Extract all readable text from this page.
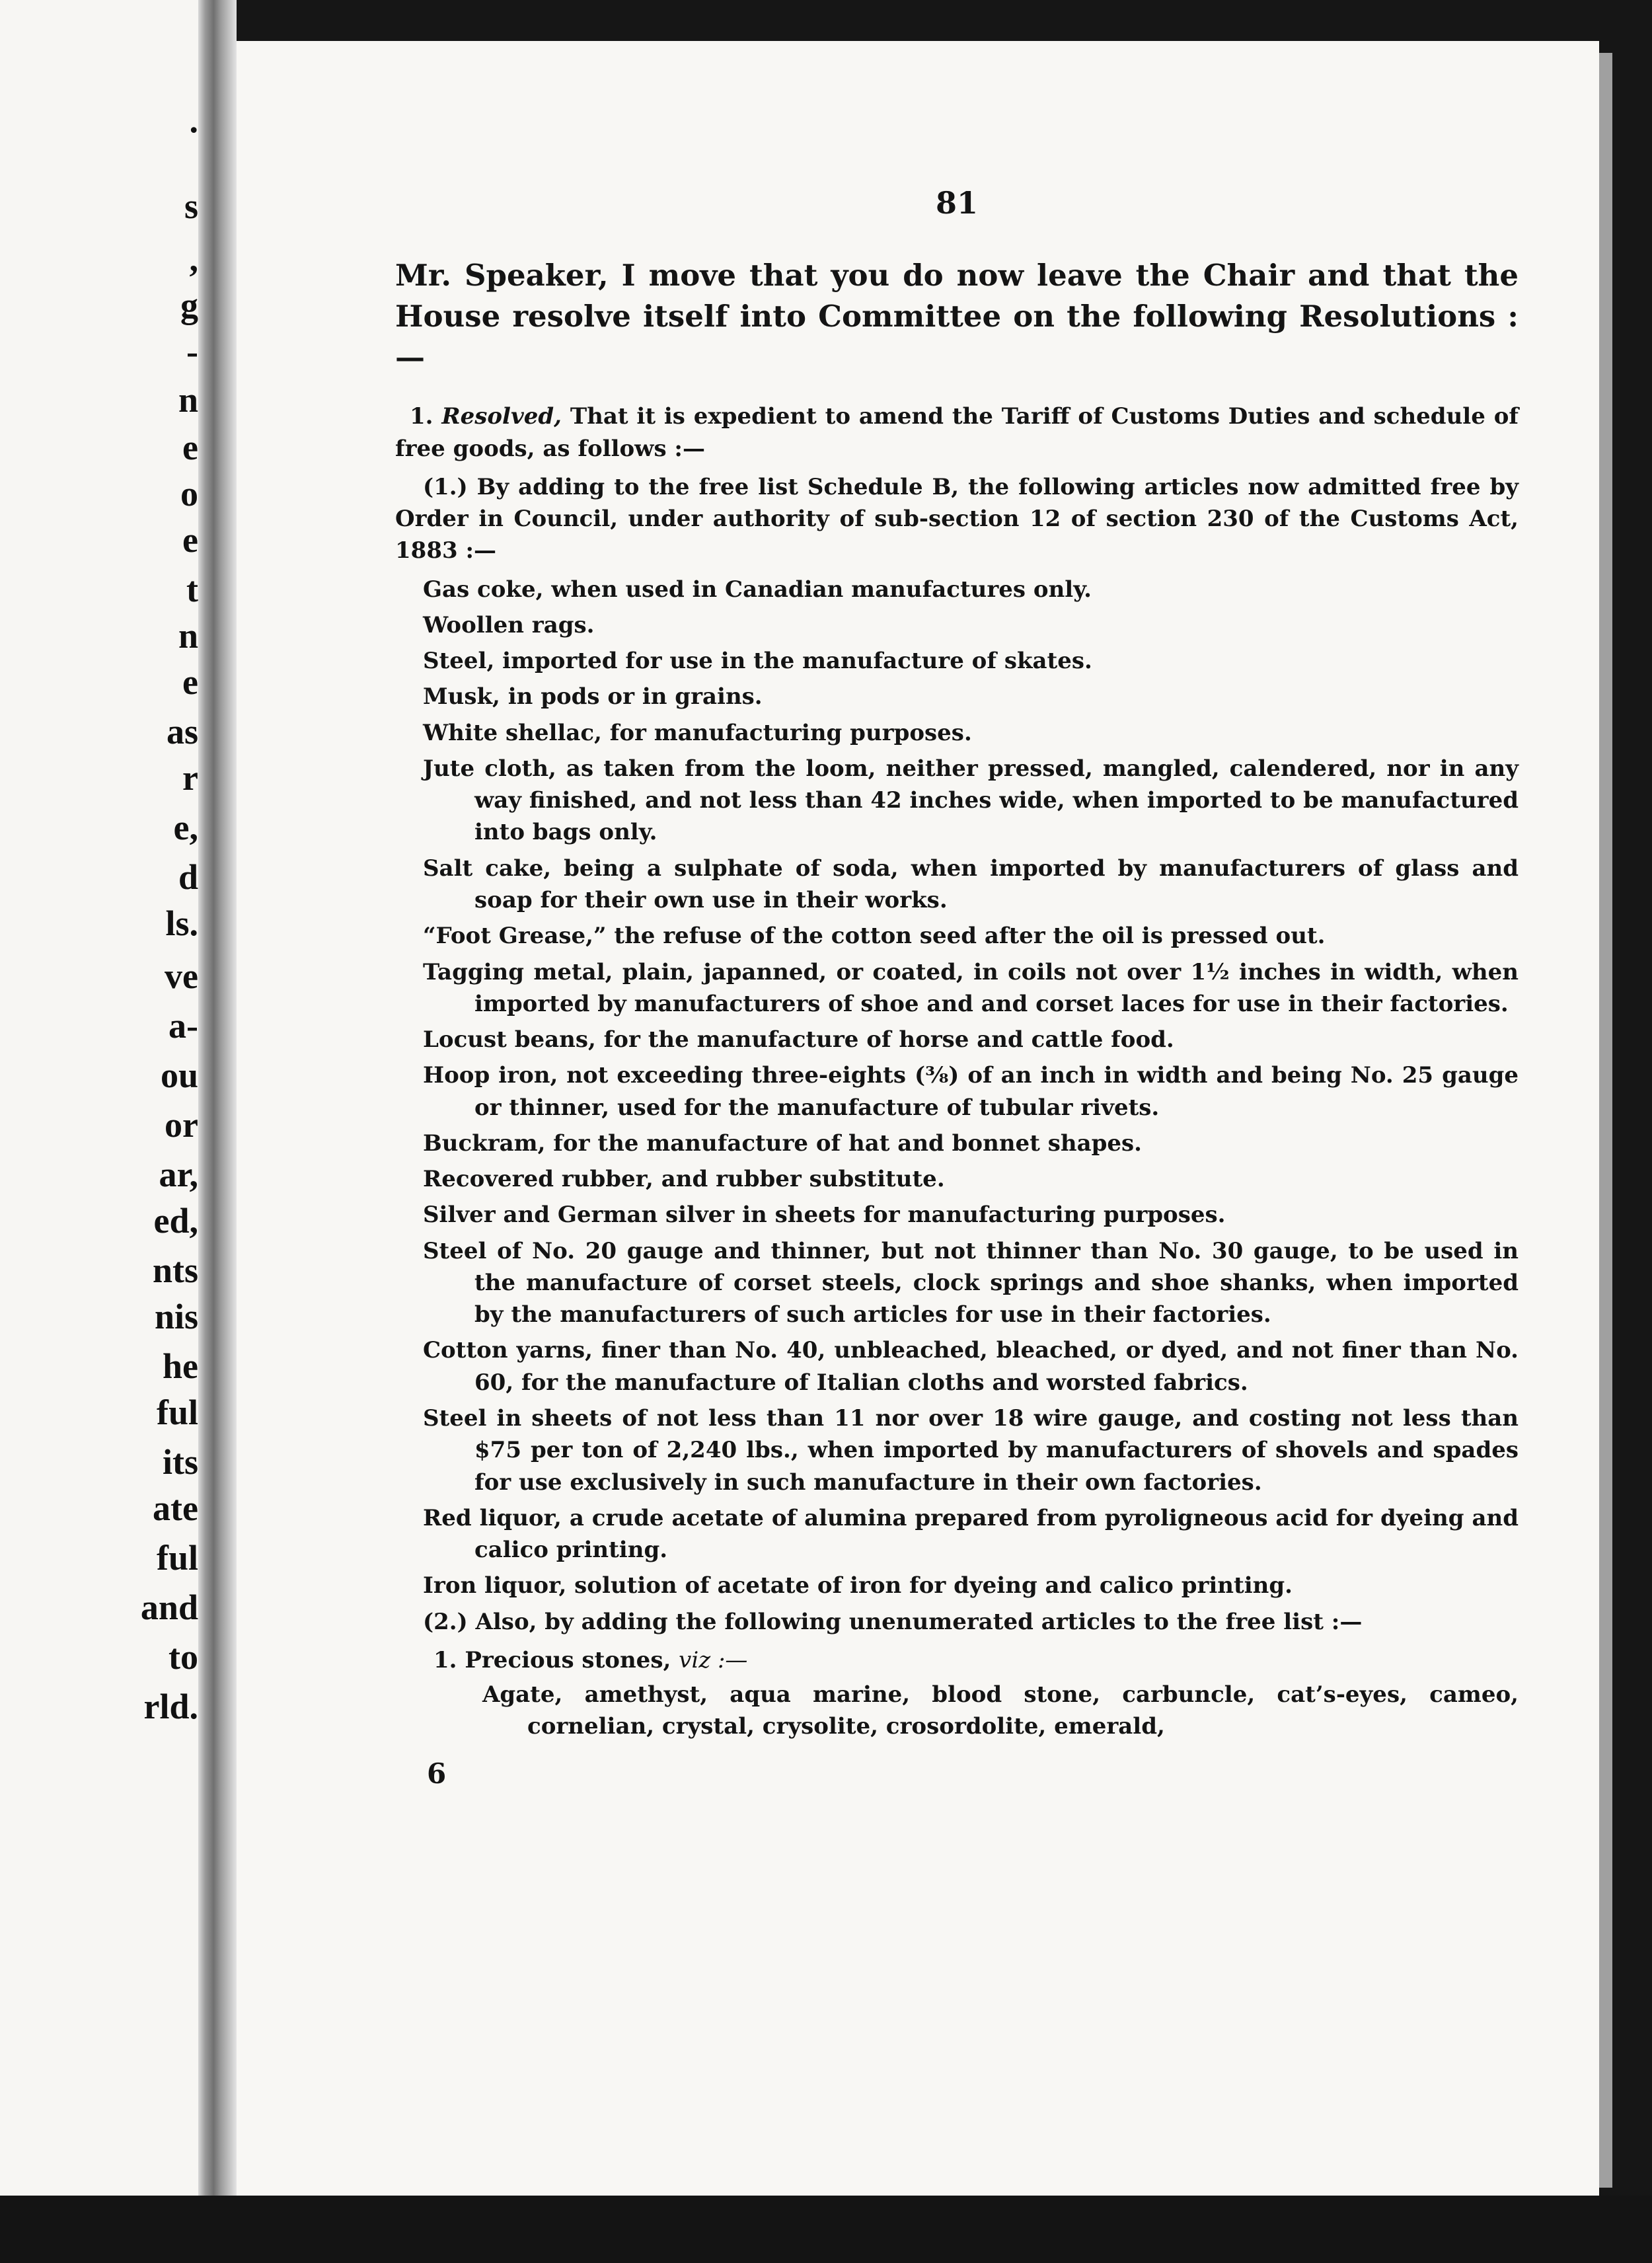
.
s
,
g
-
n
e
o
e
t
n
e
as
r
e,
d
ls.
ve
a-
ou
or
ar,
ed,
nts
nis
he
ful
its
ate
ful
and
to
rld.
81

Mr. Speaker, I move that you do now leave the Chair and that the House resolve itself into Committee on the following Resolutions :—

1. Resolved, That it is expedient to amend the Tariff of Customs Duties and schedule of free goods, as follows :—

(1.) By adding to the free list Schedule B, the following articles now admitted free by Order in Council, under authority of sub-section 12 of section 230 of the Customs Act, 1883 :—

Gas coke, when used in Canadian manufactures only.

Woollen rags.

Steel, imported for use in the manufacture of skates.

Musk, in pods or in grains.

White shellac, for manufacturing purposes.

Jute cloth, as taken from the loom, neither pressed, mangled, calendered, nor in any way finished, and not less than 42 inches wide, when imported to be manufactured into bags only.

Salt cake, being a sulphate of soda, when imported by manufacturers of glass and soap for their own use in their works.

“Foot Grease,” the refuse of the cotton seed after the oil is pressed out.

Tagging metal, plain, japanned, or coated, in coils not over 1½ inches in width, when imported by manufacturers of shoe and and corset laces for use in their factories.

Locust beans, for the manufacture of horse and cattle food.

Hoop iron, not exceeding three-eights (⅜) of an inch in width and being No. 25 gauge or thinner, used for the manufacture of tubular rivets.

Buckram, for the manufacture of hat and bonnet shapes.

Recovered rubber, and rubber substitute.

Silver and German silver in sheets for manufacturing purposes.

Steel of No. 20 gauge and thinner, but not thinner than No. 30 gauge, to be used in the manufacture of corset steels, clock springs and shoe shanks, when imported by the manufacturers of such articles for use in their factories.

Cotton yarns, finer than No. 40, unbleached, bleached, or dyed, and not finer than No. 60, for the manufacture of Italian cloths and worsted fabrics.

Steel in sheets of not less than 11 nor over 18 wire gauge, and costing not less than $75 per ton of 2,240 lbs., when imported by manufacturers of shovels and spades for use exclusively in such manufacture in their own factories.

Red liquor, a crude acetate of alumina prepared from pyroligneous acid for dyeing and calico printing.

Iron liquor, solution of acetate of iron for dyeing and calico printing.

(2.) Also, by adding the following unenumerated articles to the free list :—

1. Precious stones, viz :—

Agate, amethyst, aqua marine, blood stone, carbuncle, cat’s-eyes, cameo, cornelian, crystal, crysolite, crosordolite, emerald,

6
